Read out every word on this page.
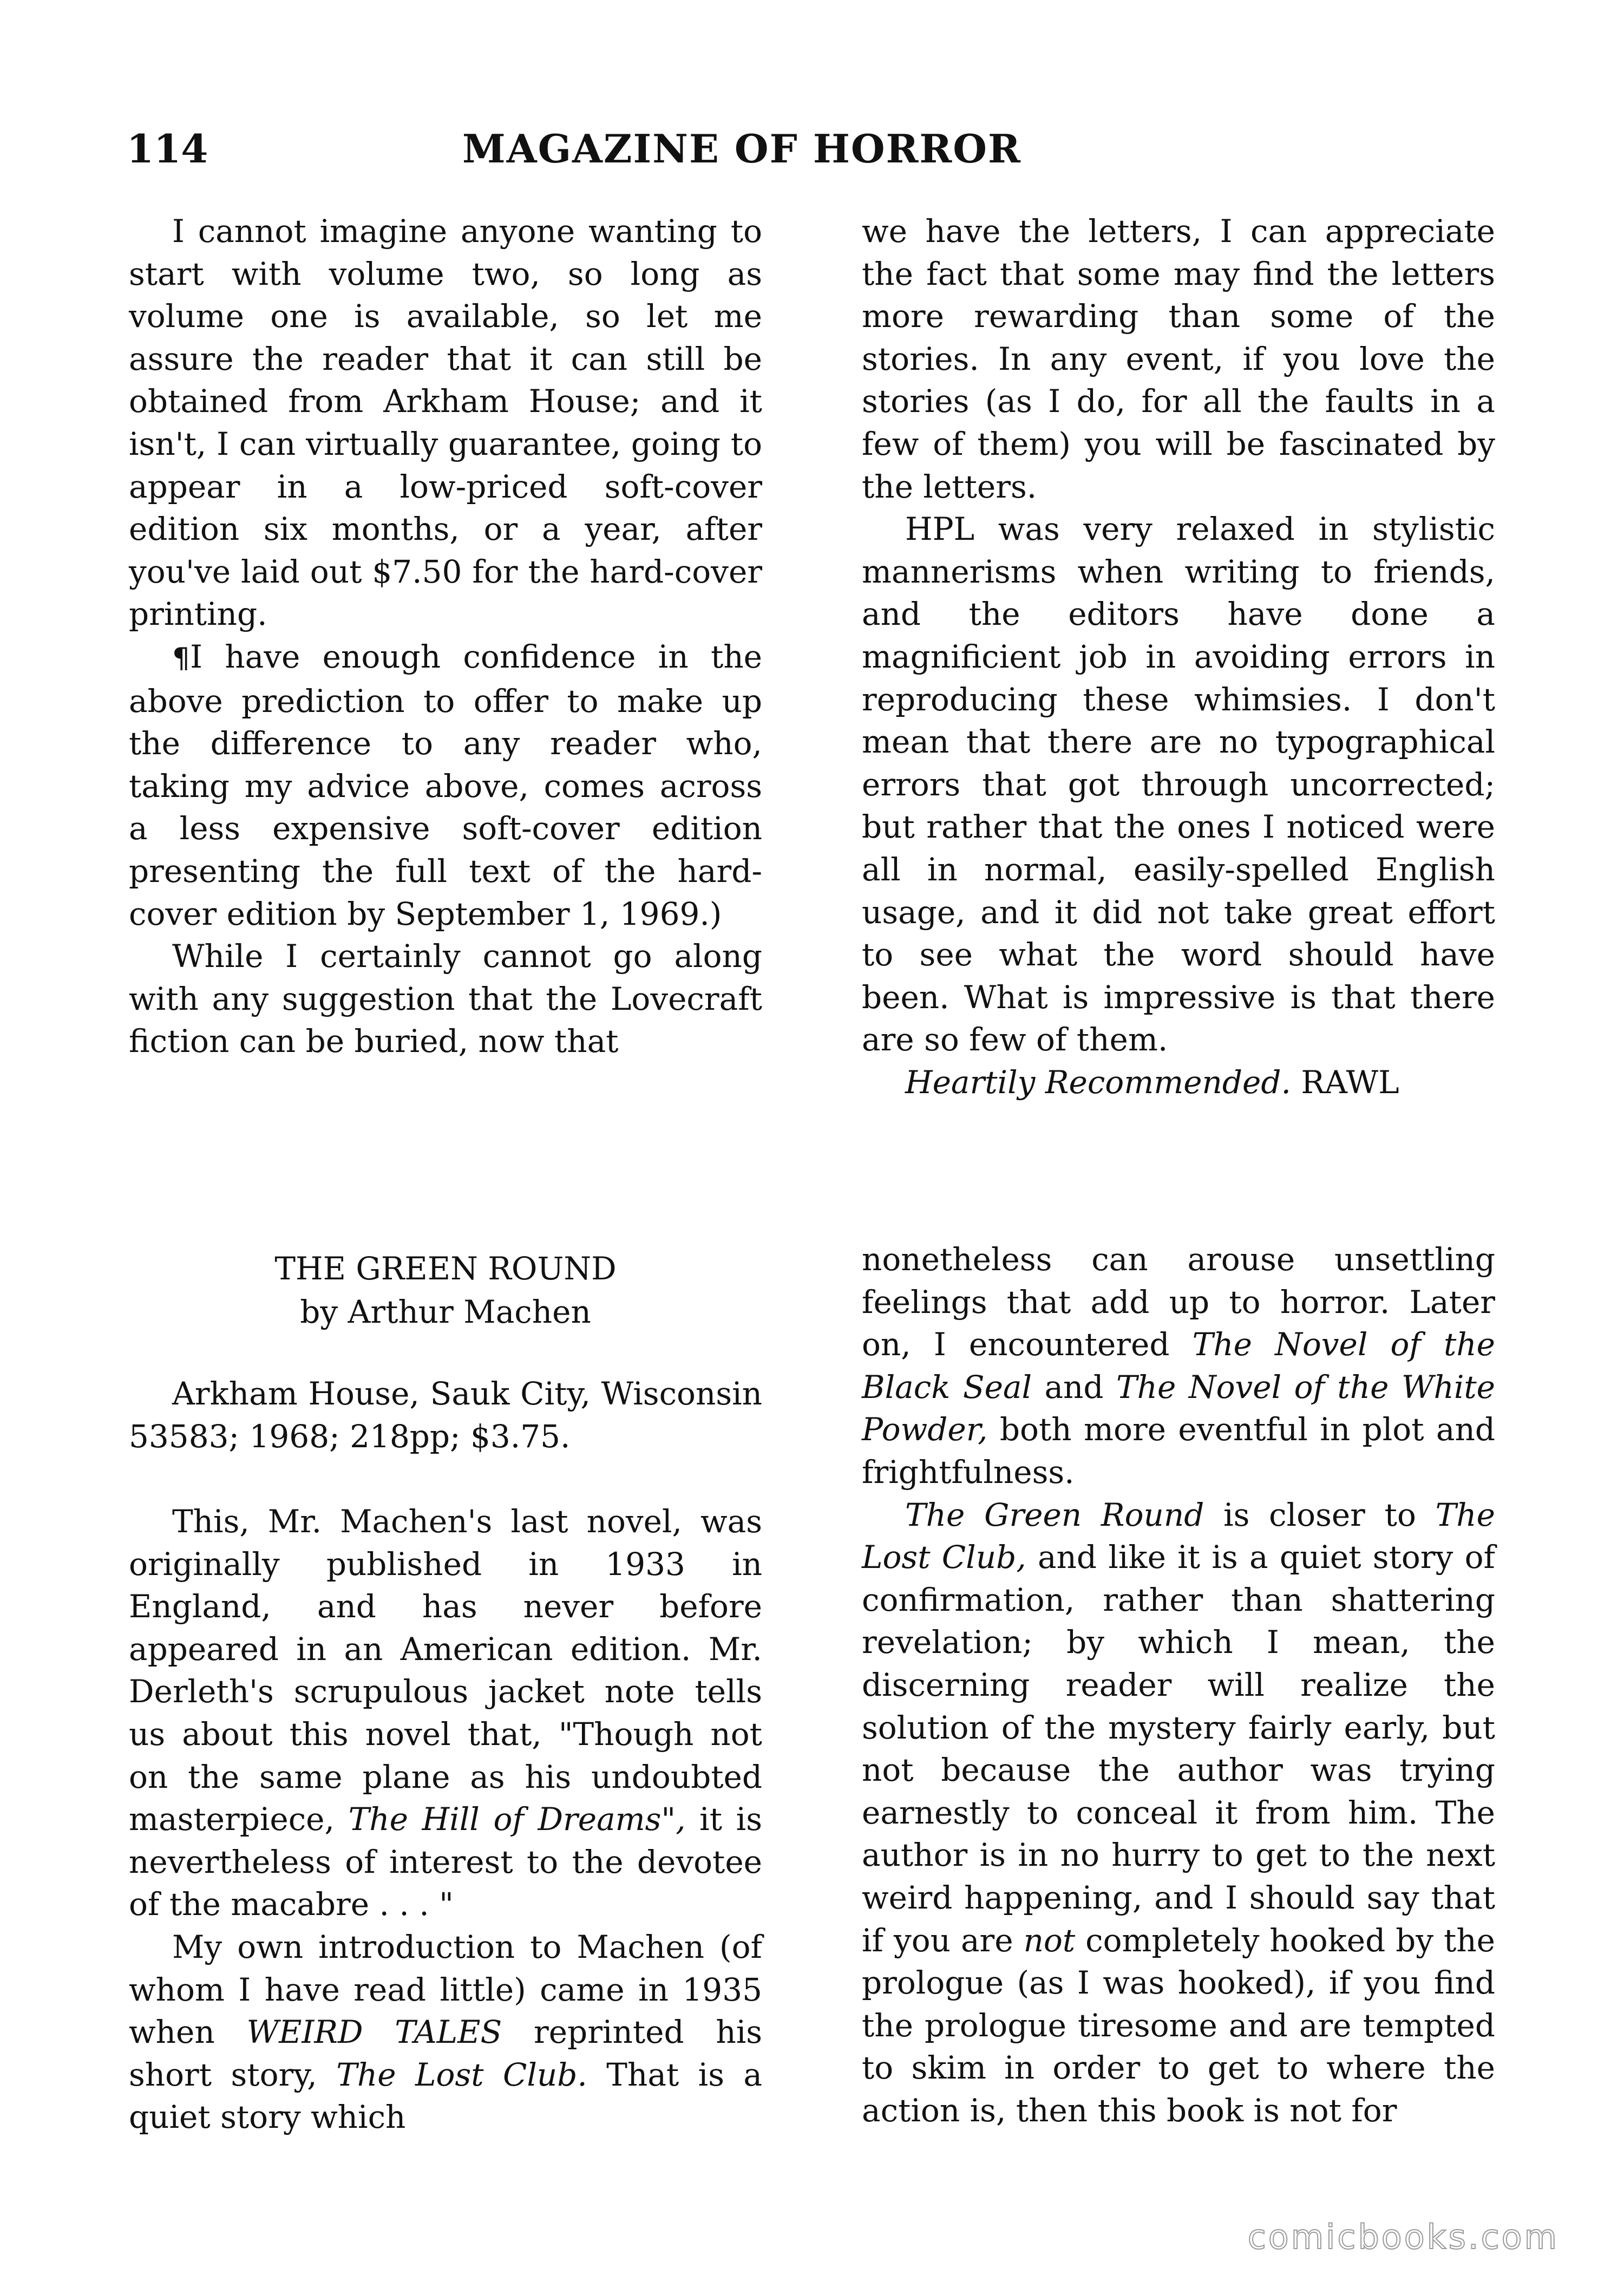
114	MAGAZINE OF HORROR

I cannot imagine anyone wanting to start with volume two, so long as volume one is available, so let me assure the reader that it can still be obtained from Arkham House; and it isn't, I can virtually guarantee, going to appear in a low-priced soft-cover edition six months, or a year, after you've laid out $7.50 for the hard-cover printing.

¶I have enough confidence in the above prediction to offer to make up the difference to any reader who, taking my advice above, comes across a less expensive soft-cover edition presenting the full text of the hard-cover edition by September 1, 1969.)

While I certainly cannot go along with any suggestion that the Lovecraft fiction can be buried, now that

we have the letters, I can appreciate the fact that some may find the letters more rewarding than some of the stories. In any event, if you love the stories (as I do, for all the faults in a few of them) you will be fascinated by the letters.

HPL was very relaxed in stylistic mannerisms when writing to friends, and the editors have done a magnificient job in avoiding errors in reproducing these whimsies. I don't mean that there are no typographical errors that got through uncorrected; but rather that the ones I noticed were all in normal, easily-spelled English usage, and it did not take great effort to see what the word should have been. What is impressive is that there are so few of them.

Heartily Recommended. RAWL

THE GREEN ROUND
by Arthur Machen

Arkham House, Sauk City, Wisconsin 53583; 1968; 218pp; $3.75.

This, Mr. Machen's last novel, was originally published in 1933 in England, and has never before appeared in an American edition. Mr. Derleth's scrupulous jacket note tells us about this novel that, "Though not on the same plane as his undoubted masterpiece, The Hill of Dreams", it is nevertheless of interest to the devotee of the macabre . . . "

My own introduction to Machen (of whom I have read little) came in 1935 when WEIRD TALES reprinted his short story, The Lost Club. That is a quiet story which

nonetheless can arouse unsettling feelings that add up to horror. Later on, I encountered The Novel of the Black Seal and The Novel of the White Powder, both more eventful in plot and frightfulness.

The Green Round is closer to The Lost Club, and like it is a quiet story of confirmation, rather than shattering revelation; by which I mean, the discerning reader will realize the solution of the mystery fairly early, but not because the author was trying earnestly to conceal it from him. The author is in no hurry to get to the next weird happening, and I should say that if you are not completely hooked by the prologue (as I was hooked), if you find the prologue tiresome and are tempted to skim in order to get to where the action is, then this book is not for

comicbooks.com
